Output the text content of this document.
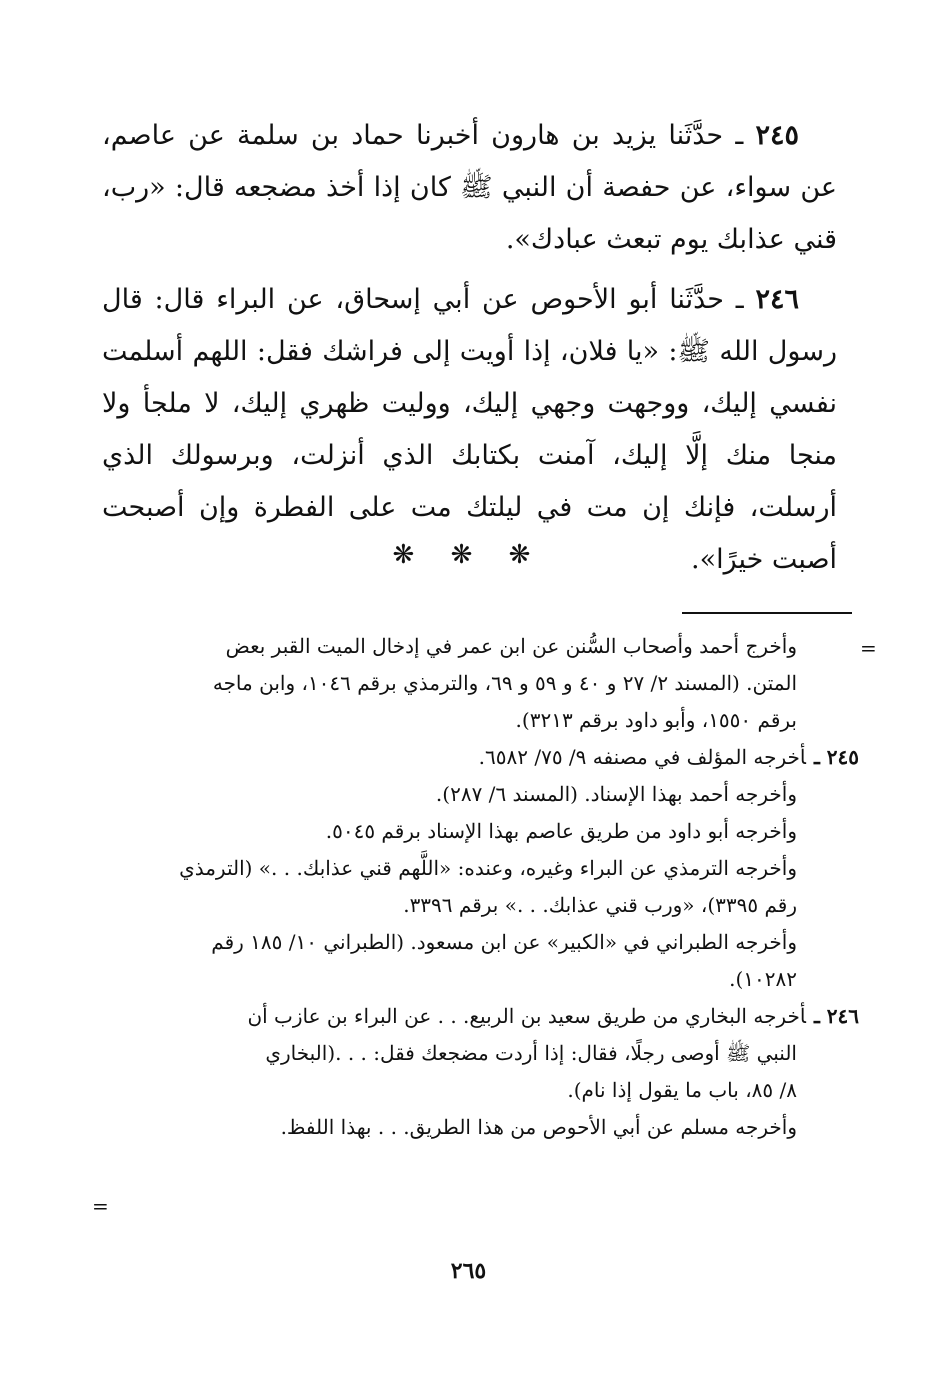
٢٤٥ ـ حدَّثَنا يزيد بن هارون أخبرنا حماد بن سلمة عن عاصم، عن سواء، عن حفصة أن النبي ﷺ كان إذا أخذ مضجعه قال: «رب، قني عذابك يوم تبعث عبادك».

٢٤٦ ـ حدَّثَنا أبو الأحوص عن أبي إسحاق، عن البراء قال: قال رسول الله ﷺ: «يا فلان، إذا أويت إلى فراشك فقل: اللهم أسلمت نفسي إليك، ووجهت وجهي إليك، ووليت ظهري إليك، لا ملجأ ولا منجا منك إلَّا إليك، آمنت بكتابك الذي أنزلت، وبرسولك الذي أرسلت، فإنك إن مت في ليلتك مت على الفطرة وإن أصبحت أصبت خيرًا».

❋ ❋ ❋
=
وأخرج أحمد وأصحاب السُّنن عن ابن عمر في إدخال الميت القبر بعض
المتن. (المسند ٢/ ٢٧ و ٤٠ و ٥٩ و ٦٩، والترمذي برقم ١٠٤٦، وابن ماجه
برقم ١٥٥٠، وأبو داود برقم ٣٢١٣).
٢٤٥ ـأخرجه المؤلف في مصنفه ٩/ ٧٥/ ٦٥٨٢.
وأخرجه أحمد بهذا الإسناد. (المسند ٦/ ٢٨٧).
وأخرجه أبو داود من طريق عاصم بهذا الإسناد برقم ٥٠٤٥.
وأخرجه الترمذي عن البراء وغيره، وعنده: «اللَّهم قني عذابك. . .» (الترمذي
رقم ٣٣٩٥)، «ورب قني عذابك. . .» برقم ٣٣٩٦.
وأخرجه الطبراني في «الكبير» عن ابن مسعود. (الطبراني ١٠/ ١٨٥ رقم
١٠٢٨٢).
٢٤٦ ـأخرجه البخاري من طريق سعيد بن الربيع. . . عن البراء بن عازب أن
النبي ﷺ أوصى رجلًا، فقال: إذا أردت مضجعك فقل: . . .(البخاري
٨/ ٨٥، باب ما يقول إذا نام).
وأخرجه مسلم عن أبي الأحوص من هذا الطريق. . . بهذا اللفظ.
=
٢٦٥
